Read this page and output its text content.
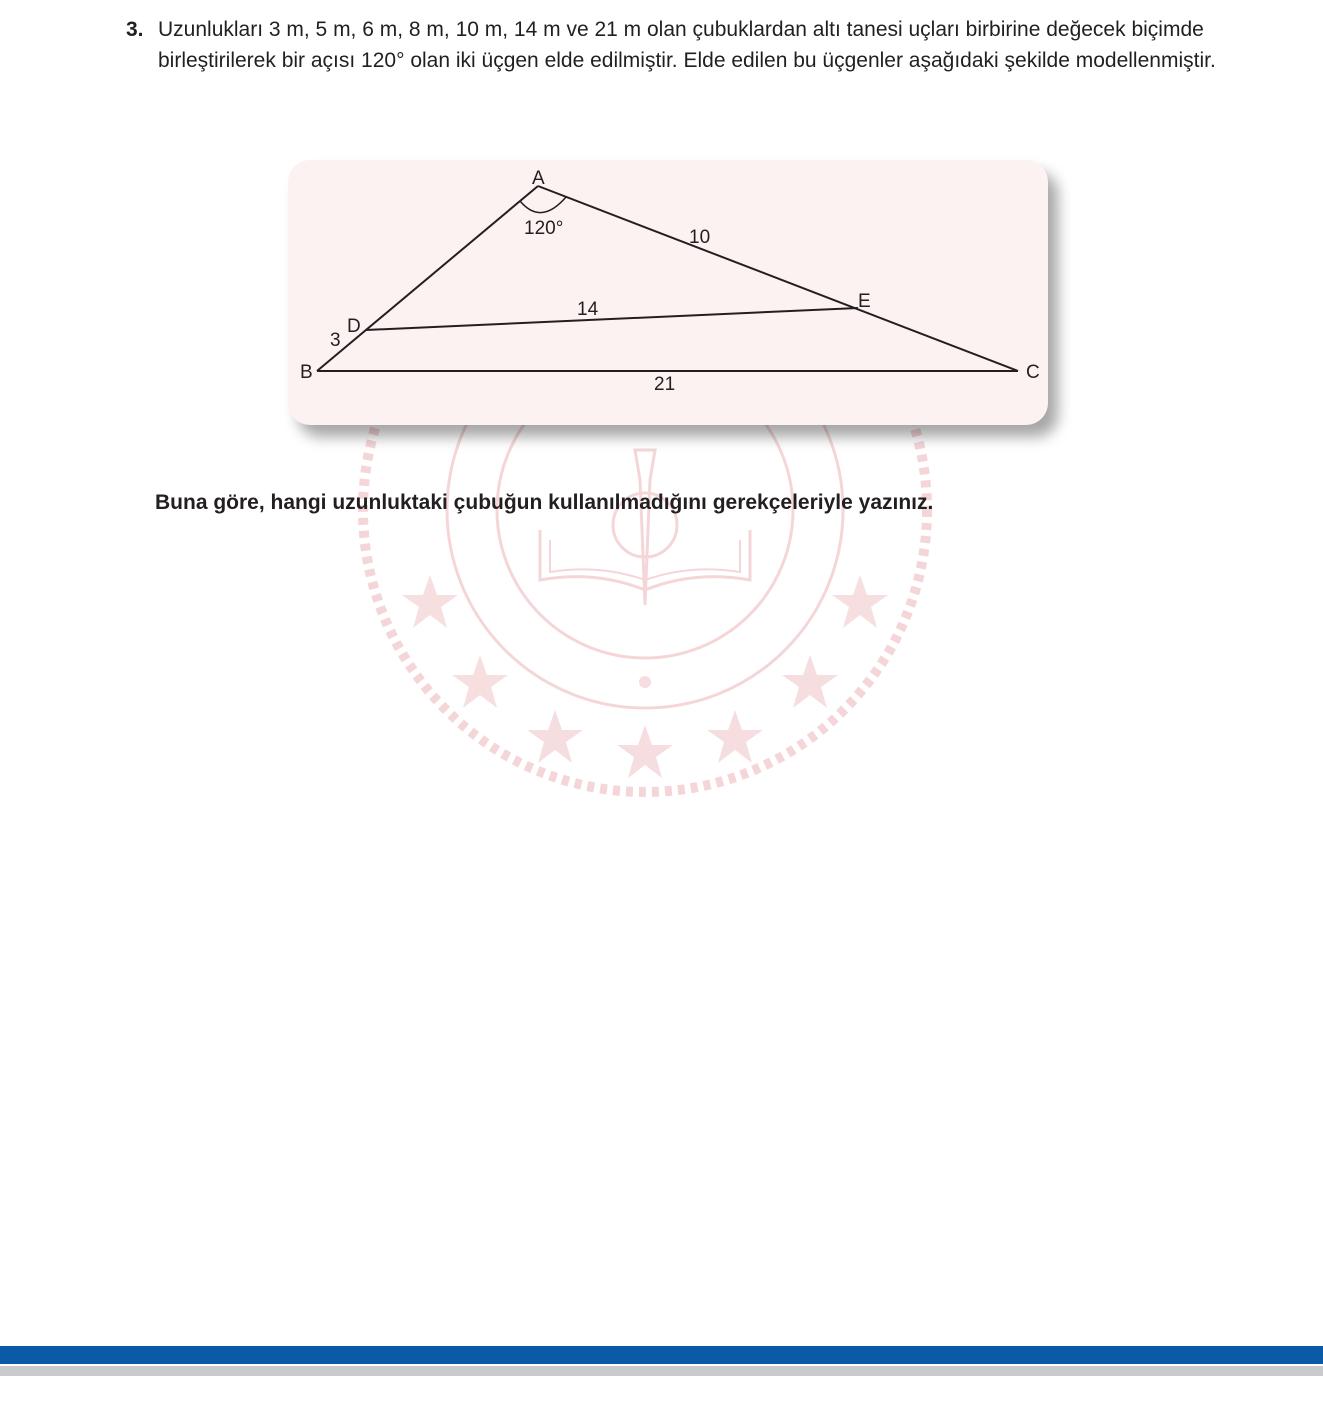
3. Uzunlukları 3 m, 5 m, 6 m, 8 m, 10 m, 14 m ve 21 m olan çubuklardan altı tanesi uçları birbirine değecek biçimde birleştirilerek bir açısı 120° olan iki üçgen elde edilmiştir. Elde edilen bu üçgenler aşağıdaki şekilde modellenmiştir.
A
120°	10
E
14
D
3
B	C
21
Buna göre, hangi uzunluktaki çubuğun kullanılmadığını gerekçeleriyle yazınız.
